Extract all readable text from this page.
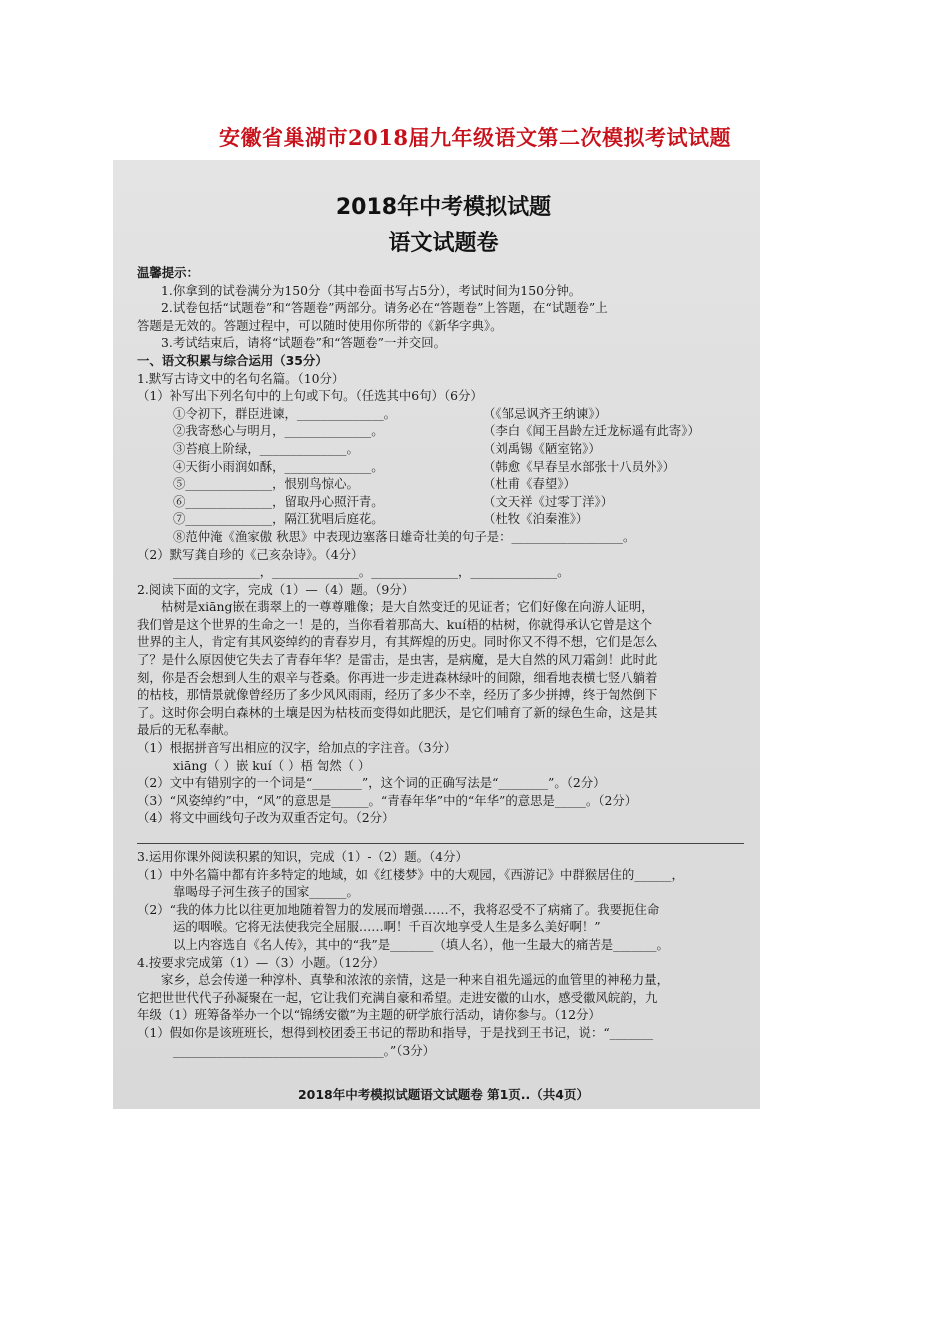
安徽省巢湖市2018届九年级语文第二次模拟考试试题
2018年中考模拟试题
语文试题卷
温馨提示：
1.你拿到的试卷满分为150分（其中卷面书写占5分），考试时间为150分钟。
2.试卷包括“试题卷”和“答题卷”两部分。请务必在“答题卷”上答题，在“试题卷”上
答题是无效的。答题过程中，可以随时使用你所带的《新华字典》。
3.考试结束后，请将“试题卷”和“答题卷”一并交回。
一、语文积累与综合运用（35分）
1.默写古诗文中的名句名篇。（10分）
（1）补写出下列名句中的上句或下句。（任选其中6句）（6分）
①令初下，群臣进谏，______________。	（《邹忌讽齐王纳谏》）
②我寄愁心与明月，______________。	（李白《闻王昌龄左迁龙标遥有此寄》）
③苔痕上阶绿，______________。	（刘禹锡《陋室铭》）
④天街小雨润如酥，______________。	（韩愈《早春呈水部张十八员外》）
⑤______________，恨别鸟惊心。	（杜甫《春望》）
⑥______________，留取丹心照汗青。	（文天祥《过零丁洋》）
⑦______________，隔江犹唱后庭花。	（杜牧《泊秦淮》）
⑧范仲淹《渔家傲 秋思》中表现边塞落日雄奇壮美的句子是：__________________。
（2）默写龚自珍的《己亥杂诗》。（4分）
______________，______________。______________，______________。
2.阅读下面的文字，完成（1）—（4）题。（9分）
枯树是xiāng嵌在翡翠上的一尊尊雕像；是大自然变迁的见证者；它们好像在向游人证明，
我们曾是这个世界的生命之一！是的，当你看着那高大、kuí梧的枯树，你就得承认它曾是这个
世界的主人，肯定有其风姿绰约的青春岁月，有其辉煌的历史。同时你又不得不想，它们是怎么
了？是什么原因使它失去了青春年华？是雷击，是虫害，是病魔，是大自然的风刀霜剑！此时此
刻，你是否会想到人生的艰辛与苍桑。你再进一步走进森林绿叶的间隙，细看地表横七竖八躺着
的枯枝，那情景就像曾经历了多少风风雨雨，经历了多少不幸，经历了多少拼搏，终于訇然倒下
了。这时你会明白森林的土壤是因为枯枝而变得如此肥沃，是它们哺育了新的绿色生命，这是其
最后的无私奉献。
（1）根据拼音写出相应的汉字，给加点的字注音。（3分）
xiāng（ ）嵌 kuí（ ）梧 訇然（ ）
（2）文中有错别字的一个词是“________”，这个词的正确写法是“________”。（2分）
（3）“风姿绰约”中，“风”的意思是______。“青春年华”中的“年华”的意思是_____。（2分）
（4）将文中画线句子改为双重否定句。（2分）
3.运用你课外阅读积累的知识，完成（1）-（2）题。（4分）
（1）中外名篇中都有许多特定的地域，如《红楼梦》中的大观园，《西游记》中群猴居住的______，
靠喝母子河生孩子的国家______。
（2）“我的体力比以往更加地随着智力的发展而增强……不，我将忍受不了病痛了。我要扼住命
运的咽喉。它将无法使我完全屈服……啊！千百次地享受人生是多么美好啊！”
以上内容选自《名人传》，其中的“我”是_______（填人名），他一生最大的痛苦是_______。
4.按要求完成第（1）—（3）小题。（12分）
家乡，总会传递一种淳朴、真挚和浓浓的亲情，这是一种来自祖先遥远的血管里的神秘力量，
它把世世代代子孙凝聚在一起，它让我们充满自豪和希望。走进安徽的山水，感受徽风皖韵，九
年级（1）班筹备举办一个以“锦绣安徽”为主题的研学旅行活动，请你参与。（12分）
（1）假如你是该班班长，想得到校团委王书记的帮助和指导，于是找到王书记，说：“_______
__________________________________。”（3分）
2018年中考模拟试题语文试题卷 第1页..（共4页）
